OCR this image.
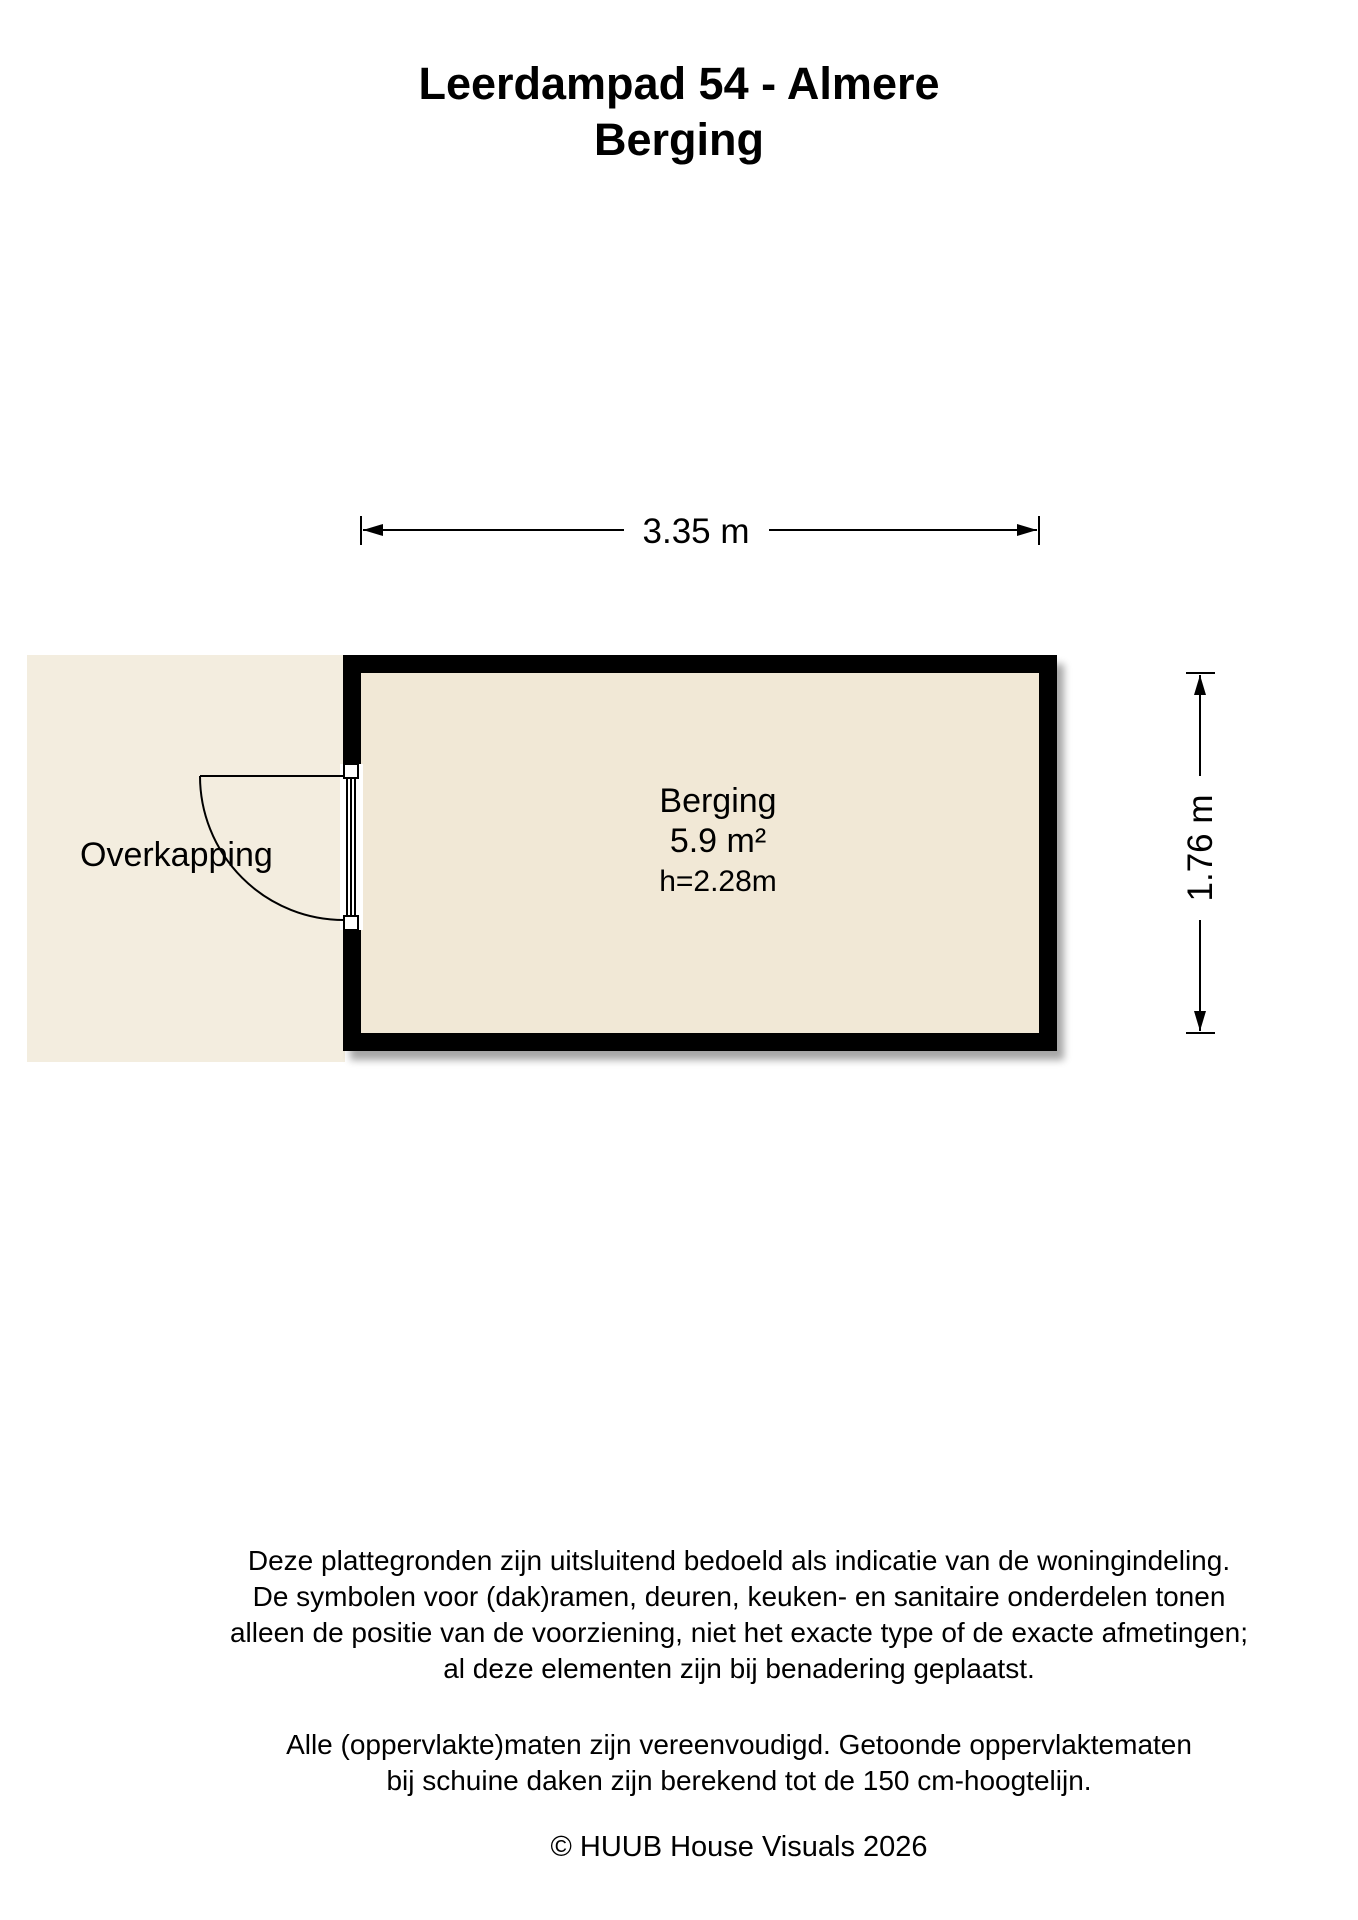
Leerdampad 54 - Almere
Berging
3.35 m
1.76 m
Berging
5.9 m²
h=2.28m
Overkapping
Deze plattegronden zijn uitsluitend bedoeld als indicatie van de woningindeling.
De symbolen voor (dak)ramen, deuren, keuken- en sanitaire onderdelen tonen
alleen de positie van de voorziening, niet het exacte type of de exacte afmetingen;
al deze elementen zijn bij benadering geplaatst.
Alle (oppervlakte)maten zijn vereenvoudigd. Getoonde oppervlaktematen
bij schuine daken zijn berekend tot de 150 cm-hoogtelijn.
© HUUB House Visuals 2026
